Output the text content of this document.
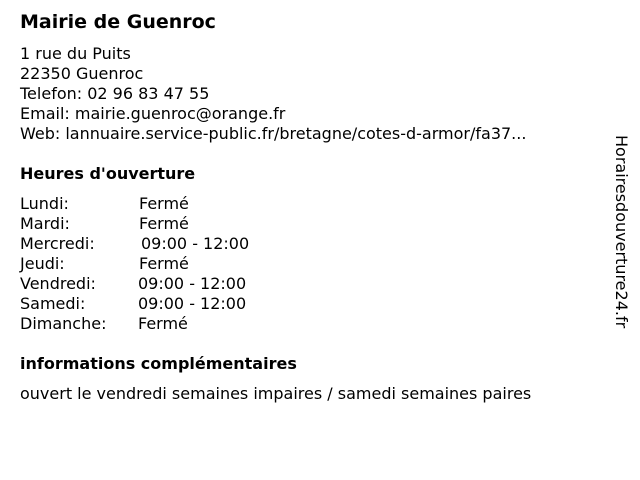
Mairie de Guenroc
1 rue du Puits
22350 Guenroc
Telefon: 02 96 83 47 55
Email: mairie.guenroc@orange.fr
Web: lannuaire.service-public.fr/bretagne/cotes-d-armor/fa37...
Heures d'ouverture
Lundi:	Fermé
Mardi:	Fermé
Mercredi:	09:00 - 12:00
Jeudi:	Fermé
Vendredi:	09:00 - 12:00
Samedi:	09:00 - 12:00
Dimanche: Fermé
informations complémentaires
ouvert le vendredi semaines impaires / samedi semaines paires
Horairesdouverture24.fr
